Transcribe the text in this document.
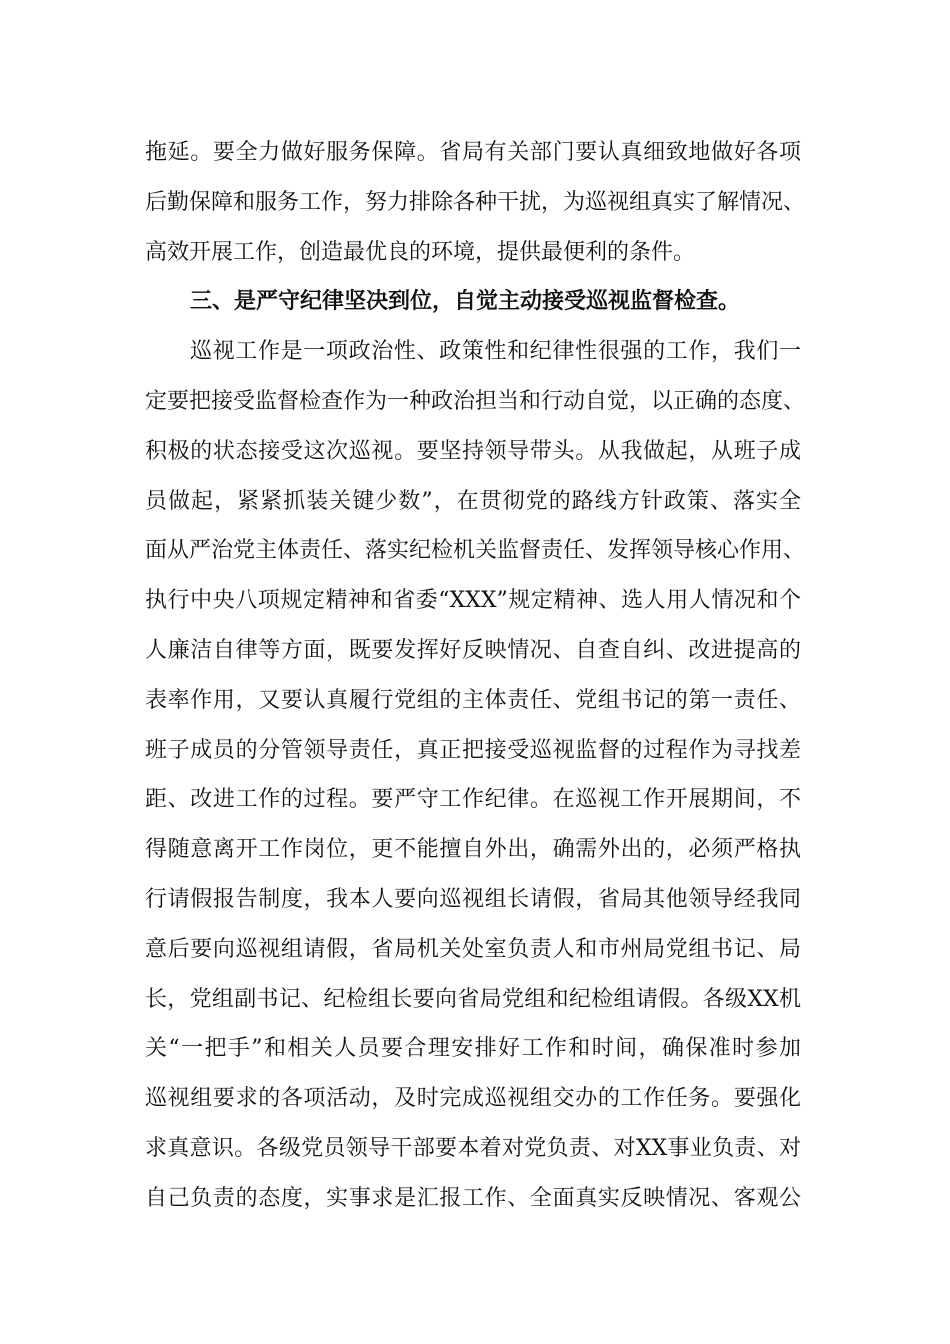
拖延。要全力做好服务保障。省局有关部门要认真细致地做好各项
后勤保障和服务工作，努力排除各种干扰，为巡视组真实了解情况、
高效开展工作，创造最优良的环境，提供最便利的条件。
三、是严守纪律坚决到位，自觉主动接受巡视监督检查。
巡视工作是一项政治性、政策性和纪律性很强的工作，我们一
定要把接受监督检查作为一种政治担当和行动自觉，以正确的态度、
积极的状态接受这次巡视。要坚持领导带头。从我做起，从班子成
员做起，紧紧抓装关键少数”，在贯彻党的路线方针政策、落实全
面从严治党主体责任、落实纪检机关监督责任、发挥领导核心作用、
执行中央八项规定精神和省委“XXX”规定精神、选人用人情况和个
人廉洁自律等方面，既要发挥好反映情况、自查自纠、改进提高的
表率作用，又要认真履行党组的主体责任、党组书记的第一责任、
班子成员的分管领导责任，真正把接受巡视监督的过程作为寻找差
距、改进工作的过程。要严守工作纪律。在巡视工作开展期间，不
得随意离开工作岗位，更不能擅自外出，确需外出的，必须严格执
行请假报告制度，我本人要向巡视组长请假，省局其他领导经我同
意后要向巡视组请假，省局机关处室负责人和市州局党组书记、局
长，党组副书记、纪检组长要向省局党组和纪检组请假。各级XX机
关“一把手”和相关人员要合理安排好工作和时间，确保准时参加
巡视组要求的各项活动，及时完成巡视组交办的工作任务。要强化
求真意识。各级党员领导干部要本着对党负责、对XX事业负责、对
自己负责的态度，实事求是汇报工作、全面真实反映情况、客观公
